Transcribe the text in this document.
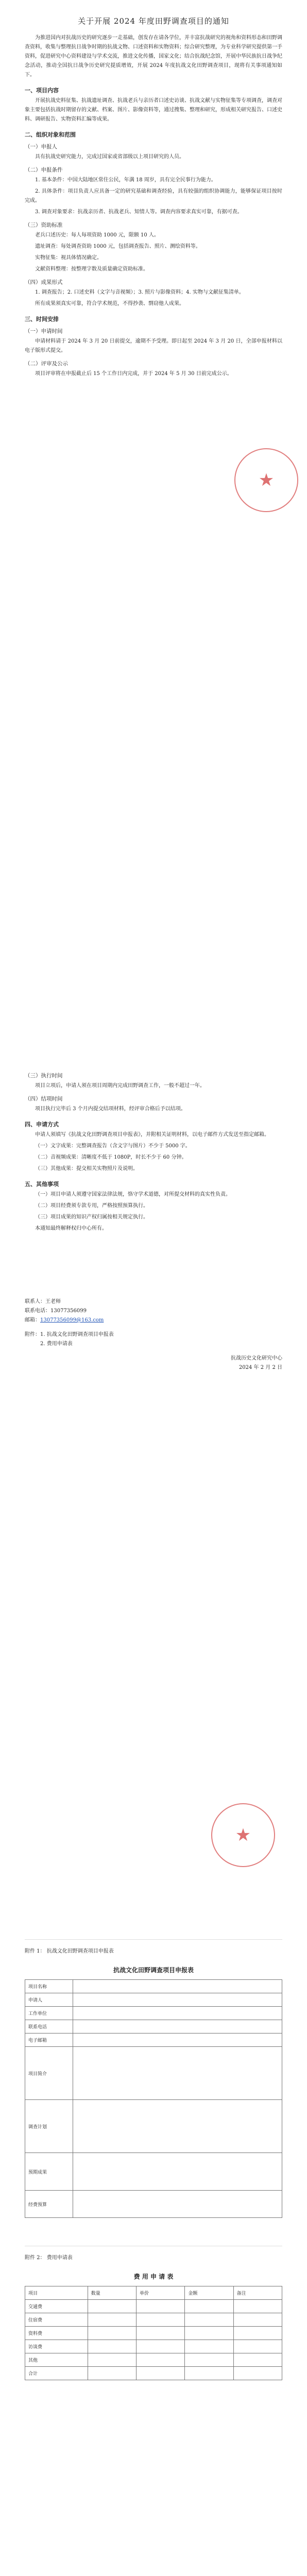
关于开展 2024 年度田野调查项目的通知
为推进国内对抗战历史的研究逐步一走基础，创发存在请各学位，并丰富抗战研究的视角和资料形态和田野调查资料，收集与整理抗日战争时期的抗战文物、口述资料和实物资料；综合研究整理，为专业科学研究提供第一手资料，促进研究中心资料建设与学术交流，推进文化传播，国家文化；结合抗战纪念馆，开展中华民族抗日战争纪念活动，推动全国抗日战争历史研究提质增效，开展 2024 年度抗战文化田野调查项目，现将有关事项通知如下。
一、项目内容
开展抗战史料征集、抗战遗址调查、抗战老兵与亲历者口述史访谈、抗战文献与实物征集等专项调查，调查对象主要包括抗战时期留存的文献、档案、图片、影像资料等，通过搜集、整理和研究，形成相关研究报告、口述史料、调研报告、实物资料汇编等成果。
二、组织对象和范围
（一）申报人
具有抗战史研究能力，完成过国家或省部级以上项目研究的人员。
（二）申报条件
1. 基本条件：中国大陆地区常住公民，年满 18 周岁，具有完全民事行为能力。
2. 具体条件：项目负责人应具备一定的研究基础和调查经验，具有较强的组织协调能力，能够保证项目按时完成。
3. 调查对象要求：抗战亲历者、抗战老兵、知情人等。调查内容要求真实可靠，有据可查。
（三）资助标准
老兵口述历史：每人每项资助 1000 元，限额 10 人。
遗址调查：每处调查资助 1000 元，包括调查报告、照片、测绘资料等。
实物征集：视具体情况确定。
文献资料整理：按整理字数及质量确定资助标准。
（四）成果形式
1. 调查报告；2. 口述史料（文字与音视频）；3. 照片与影像资料；4. 实物与文献征集清单。
所有成果须真实可靠，符合学术规范，不得抄袭、剽窃他人成果。
三、时间安排
（一）申请时间
申请材料请于 2024 年 3 月 20 日前提交，逾期不予受理。即日起至 2024 年 3 月 20 日，全部申报材料以电子版形式提交。
（二）评审及公示
项目评审将在申报截止后 15 个工作日内完成，并于 2024 年 5 月 30 日前完成公示。
★
（三）执行时间
项目立项后，申请人须在项目周期内完成田野调查工作，一般不超过一年。
（四）结项时间
项目执行完毕后 3 个月内提交结项材料，经评审合格后予以结项。
四、申请方式
申请人须填写《抗战文化田野调查项目申报表》，并附相关证明材料，以电子邮件方式发送至指定邮箱。
（一）文字成果：完整调查报告（含文字与图片）不少于 5000 字。
（二）音视频成果：清晰度不低于 1080P，时长不少于 60 分钟。
（三）其他成果：提交相关实物照片及说明。
五、其他事项
（一）项目申请人须遵守国家法律法规，恪守学术道德，对所提交材料的真实性负责。
（二）项目经费须专款专用，严格按照预算执行。
（三）项目成果的知识产权归属按相关规定执行。
本通知最终解释权归中心所有。
联系人：王老师
联系电话：13077356099
邮箱：13077356099@163.com
附件：1. 抗战文化田野调查项目申报表
2. 费用申请表
抗战历史文化研究中心
2024 年 2 月 2 日
★
附件 1： 抗战文化田野调查项目申报表
抗战文化田野调查项目申报表
项目名称	
申请人	
工作单位	
联系电话	
电子邮箱	
项目简介	
调查计划	
预期成果	
经费预算	
附件 2： 费用申请表
费 用 申 请 表
项目	数量	单价	金额	备注
交通费				
住宿费				
资料费				
访谈费				
其他				
合计				
